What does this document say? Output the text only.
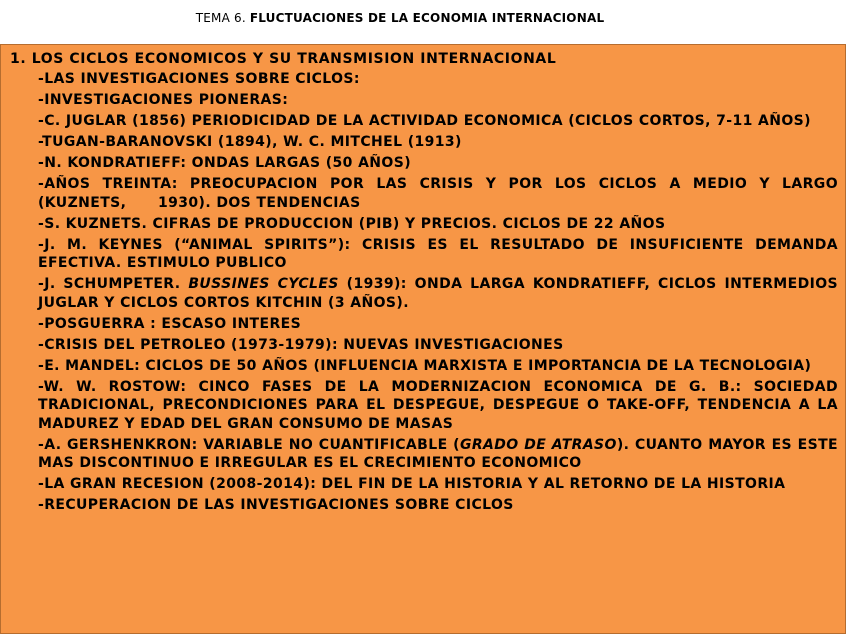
TEMA 6. FLUCTUACIONES DE LA ECONOMIA INTERNACIONAL
1. LOS CICLOS ECONOMICOS Y SU TRANSMISION INTERNACIONAL
-LAS INVESTIGACIONES SOBRE CICLOS:
-INVESTIGACIONES PIONERAS:
-C. JUGLAR (1856) PERIODICIDAD DE LA ACTIVIDAD ECONOMICA (CICLOS CORTOS, 7-11 AÑOS)
-TUGAN-BARANOVSKI (1894), W. C. MITCHEL (1913)
-N. KONDRATIEFF: ONDAS LARGAS (50 AÑOS)
-AÑOS TREINTA: PREOCUPACION POR LAS CRISIS Y POR LOS CICLOS A MEDIO Y LARGO (KUZNETS,      1930). DOS TENDENCIAS
-S. KUZNETS. CIFRAS DE PRODUCCION (PIB) Y PRECIOS. CICLOS DE 22 AÑOS
-J. M. KEYNES (“ANIMAL SPIRITS”): CRISIS ES EL RESULTADO DE INSUFICIENTE DEMANDA EFECTIVA. ESTIMULO PUBLICO
-J. SCHUMPETER. BUSSINES CYCLES (1939): ONDA LARGA KONDRATIEFF, CICLOS INTERMEDIOS JUGLAR Y CICLOS CORTOS KITCHIN (3 AÑOS).
-POSGUERRA : ESCASO INTERES
-CRISIS DEL PETROLEO (1973-1979): NUEVAS INVESTIGACIONES
-E. MANDEL: CICLOS DE 50 AÑOS (INFLUENCIA MARXISTA E IMPORTANCIA DE LA TECNOLOGIA)
-W. W. ROSTOW: CINCO FASES DE LA MODERNIZACION ECONOMICA DE G. B.: SOCIEDAD TRADICIONAL, PRECONDICIONES PARA EL DESPEGUE, DESPEGUE O TAKE-OFF, TENDENCIA A LA MADUREZ Y EDAD DEL GRAN CONSUMO DE MASAS
-A. GERSHENKRON: VARIABLE NO CUANTIFICABLE (GRADO DE ATRASO). CUANTO MAYOR ES ESTE MAS DISCONTINUO E IRREGULAR ES EL CRECIMIENTO ECONOMICO
-LA GRAN RECESION (2008-2014): DEL FIN DE LA HISTORIA Y AL RETORNO DE LA HISTORIA
-RECUPERACION DE LAS INVESTIGACIONES SOBRE CICLOS
